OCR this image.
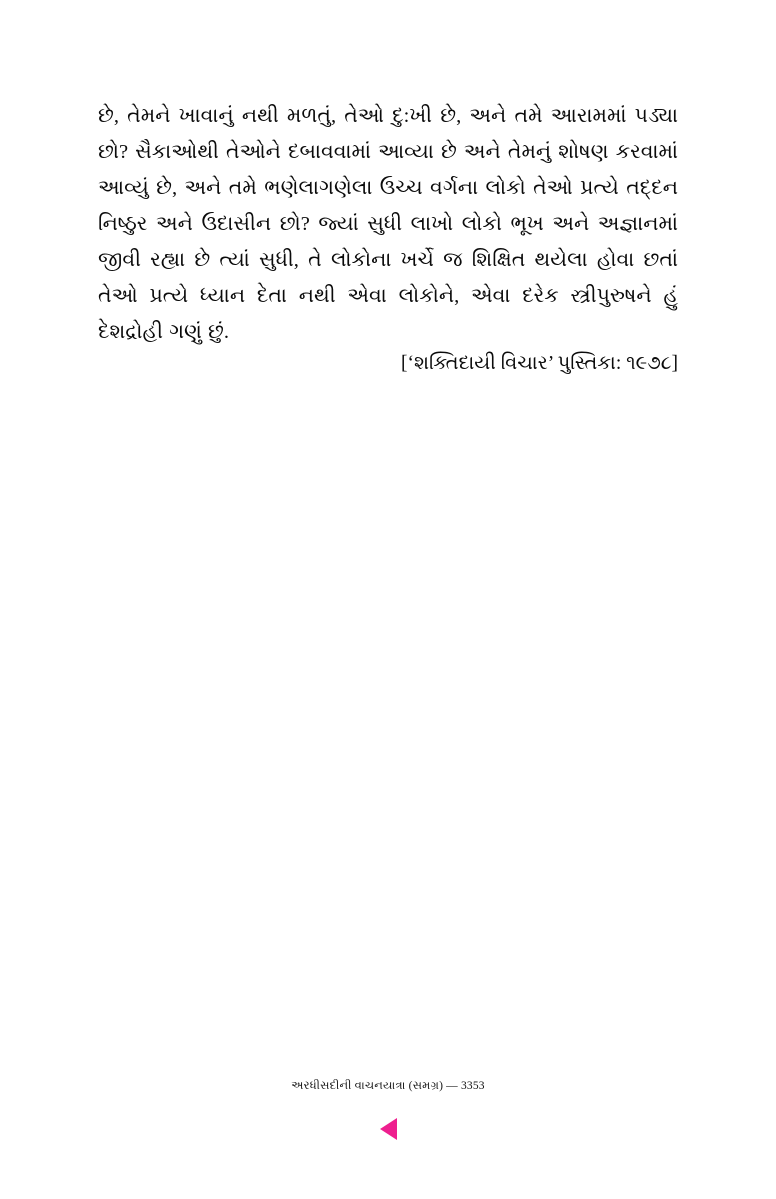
છે, તેમને ખાવાનું નથી મળતું, તેઓ દુ:ખી છે, અને તમે આરામમાં પડ્યા છો? સૈકાઓથી તેઓને દબાવવામાં આવ્યા છે અને તેમનું શોષણ કરવામાં આવ્યું છે, અને તમે ભણેલાગણેલા ઉચ્ચ વર્ગના લોકો તેઓ પ્રત્યે તદ્દન નિષ્ઠુર અને ઉદાસીન છો? જ્યાં સુધી લાખો લોકો ભૂખ અને અજ્ઞાનમાં જીવી રહ્યા છે ત્યાં સુધી, તે લોકોના ખર્ચે જ શિક્ષિત થયેલા હોવા છતાં તેઓ પ્રત્યે ધ્યાન દેતા નથી એવા લોકોને, એવા દરેક સ્ત્રીપુરુષને હું દેશદ્રોહી ગણું છું.
[‘શક્તિદાયી વિચાર’ પુસ્તિકા: ૧૯૭૮]
અરધીસદીની વાચનયાત્રા (સમગ્ર) — 3353
